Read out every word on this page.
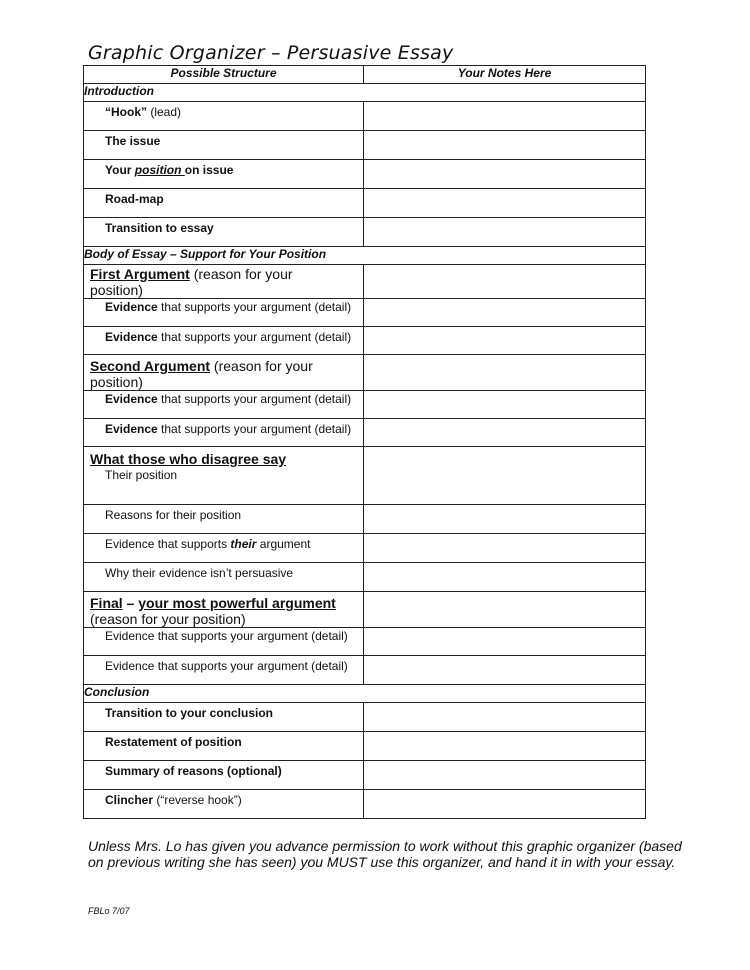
Graphic Organizer – Persuasive Essay
Possible Structure	Your Notes Here
Introduction	
“Hook” (lead)	
The issue	
Your position on issue	
Road-map	
Transition to essay	
Body of Essay – Support for Your Position	
First Argument (reason for your
position)	
Evidence that supports your argument (detail)	
Evidence that supports your argument (detail)	
Second Argument (reason for your
position)	
Evidence that supports your argument (detail)	
Evidence that supports your argument (detail)	
What those who disagree say
Their position	

Reasons for their position	
Evidence that supports their argument	
Why their evidence isn’t persuasive	
Final – your most powerful argument
(reason for your position)	
Evidence that supports your argument (detail)	
Evidence that supports your argument (detail)	
Conclusion	
Transition to your conclusion	
Restatement of position	
Summary of reasons (optional)	
Clincher (“reverse hook”)	
Unless Mrs. Lo has given you advance permission to work without this graphic organizer (based on previous writing she has seen) you MUST use this organizer, and hand it in with your essay.
FBLo 7/07
